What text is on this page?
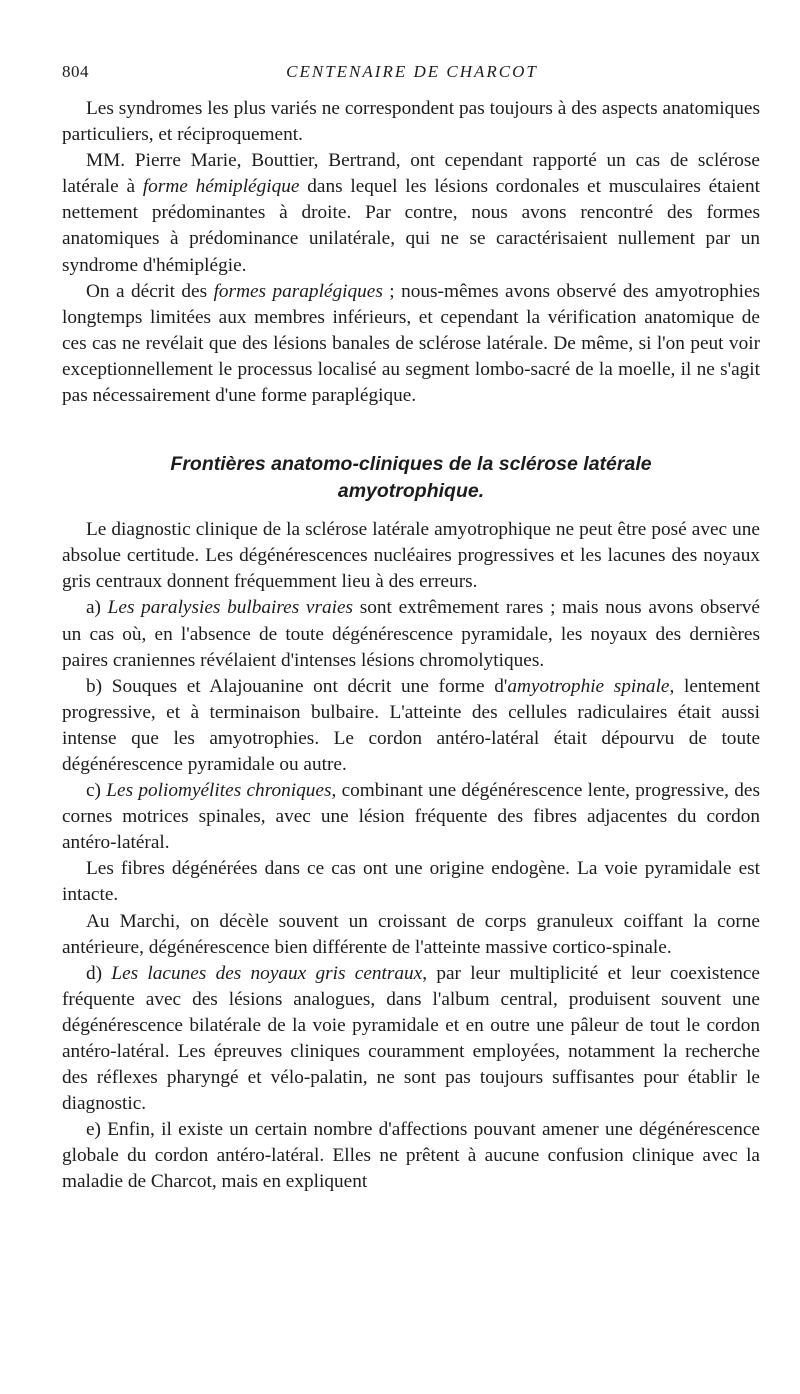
804	CENTENAIRE DE CHARCOT

Les syndromes les plus variés ne correspondent pas toujours à des aspects anatomiques particuliers, et réciproquement.

MM. Pierre Marie, Bouttier, Bertrand, ont cependant rapporté un cas de sclérose latérale à forme hémiplégique dans lequel les lésions cordonales et musculaires étaient nettement prédominantes à droite. Par contre, nous avons rencontré des formes anatomiques à prédominance unilatérale, qui ne se caractérisaient nullement par un syndrome d'hémiplégie.

On a décrit des formes paraplégiques ; nous-mêmes avons observé des amyotrophies longtemps limitées aux membres inférieurs, et cependant la vérification anatomique de ces cas ne revélait que des lésions banales de sclérose latérale. De même, si l'on peut voir exceptionnellement le processus localisé au segment lombo-sacré de la moelle, il ne s'agit pas nécessairement d'une forme paraplégique.

Frontières anatomo-cliniques de la sclérose latérale
amyotrophique.

Le diagnostic clinique de la sclérose latérale amyotrophique ne peut être posé avec une absolue certitude. Les dégénérescences nucléaires progressives et les lacunes des noyaux gris centraux donnent fréquemment lieu à des erreurs.

a) Les paralysies bulbaires vraies sont extrêmement rares ; mais nous avons observé un cas où, en l'absence de toute dégénérescence pyramidale, les noyaux des dernières paires craniennes révélaient d'intenses lésions chromolytiques.

b) Souques et Alajouanine ont décrit une forme d'amyotrophie spinale, lentement progressive, et à terminaison bulbaire. L'atteinte des cellules radiculaires était aussi intense que les amyotrophies. Le cordon antéro-latéral était dépourvu de toute dégénérescence pyramidale ou autre.

c) Les poliomyélites chroniques, combinant une dégénérescence lente, progressive, des cornes motrices spinales, avec une lésion fréquente des fibres adjacentes du cordon antéro-latéral.

Les fibres dégénérées dans ce cas ont une origine endogène. La voie pyramidale est intacte.

Au Marchi, on décèle souvent un croissant de corps granuleux coiffant la corne antérieure, dégénérescence bien différente de l'atteinte massive cortico-spinale.

d) Les lacunes des noyaux gris centraux, par leur multiplicité et leur coexistence fréquente avec des lésions analogues, dans l'album central, produisent souvent une dégénérescence bilatérale de la voie pyramidale et en outre une pâleur de tout le cordon antéro-latéral. Les épreuves cliniques couramment employées, notamment la recherche des réflexes pharyngé et vélo-palatin, ne sont pas toujours suffisantes pour établir le diagnostic.

e) Enfin, il existe un certain nombre d'affections pouvant amener une dégénérescence globale du cordon antéro-latéral. Elles ne prêtent à aucune confusion clinique avec la maladie de Charcot, mais en expliquent
